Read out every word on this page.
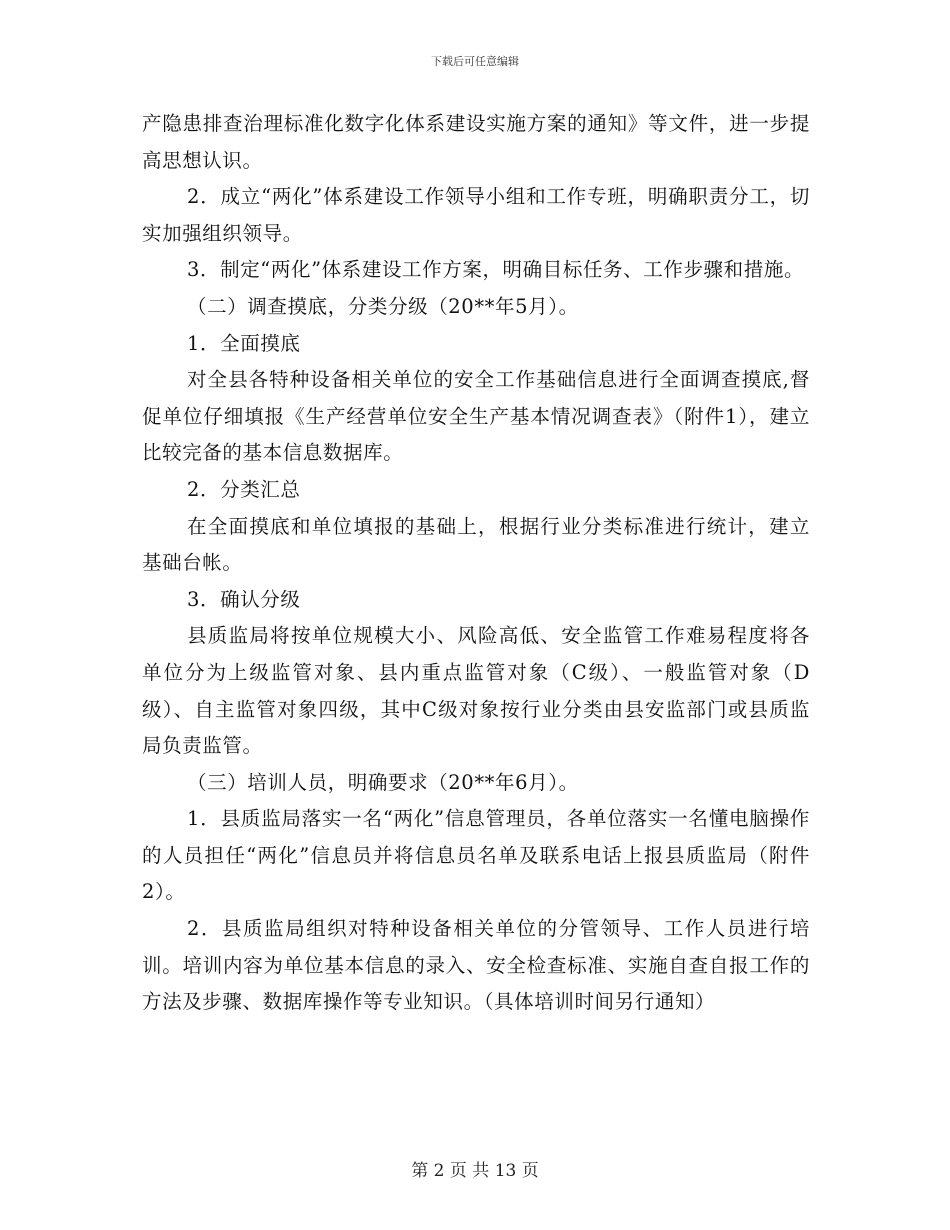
下载后可任意编辑

产隐患排查治理标准化数字化体系建设实施方案的通知》等文件，进一步提高思想认识。

2．成立“两化”体系建设工作领导小组和工作专班，明确职责分工，切实加强组织领导。

3．制定“两化”体系建设工作方案，明确目标任务、工作步骤和措施。

（二）调查摸底，分类分级（20**年5月）。

1．全面摸底

对全县各特种设备相关单位的安全工作基础信息进行全面调查摸底,督促单位仔细填报《生产经营单位安全生产基本情况调查表》（附件1），建立比较完备的基本信息数据库。

2．分类汇总

在全面摸底和单位填报的基础上，根据行业分类标准进行统计，建立基础台帐。

3．确认分级

县质监局将按单位规模大小、风险高低、安全监管工作难易程度将各单位分为上级监管对象、县内重点监管对象（C级）、一般监管对象（D级）、自主监管对象四级，其中C级对象按行业分类由县安监部门或县质监局负责监管。

（三）培训人员，明确要求（20**年6月）。

1．县质监局落实一名“两化”信息管理员，各单位落实一名懂电脑操作的人员担任“两化”信息员并将信息员名单及联系电话上报县质监局（附件2）。

2．县质监局组织对特种设备相关单位的分管领导、工作人员进行培训。培训内容为单位基本信息的录入、安全检查标准、实施自查自报工作的方法及步骤、数据库操作等专业知识。（具体培训时间另行通知）

第 2 页 共 13 页
